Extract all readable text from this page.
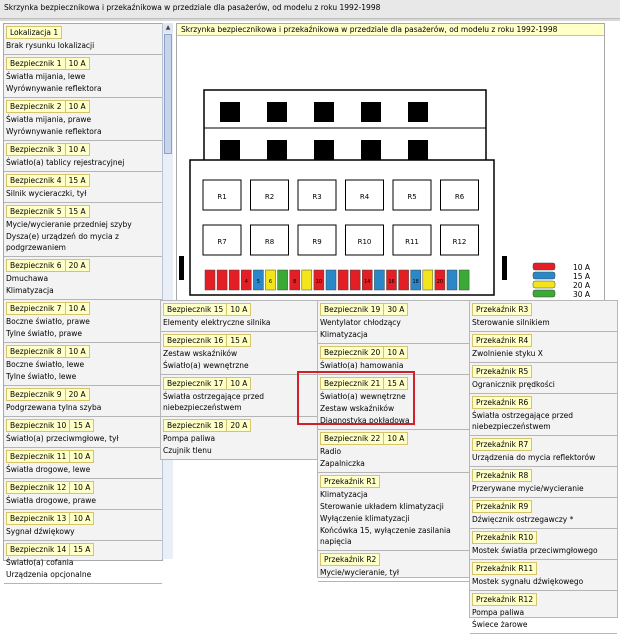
Skrzynka bezpiecznikowa i przekaźnikowa w przedziale dla pasażerów, od modelu z roku 1992-1998
Lokalizacja 1
Brak rysunku lokalizacji
Bezpiecznik 1 10 A
Światła mijania, lewe
Wyrównywanie reflektora
Bezpiecznik 2 10 A
Światła mijania, prawe
Wyrównywanie reflektora
Bezpiecznik 3 10 A
Światło(a) tablicy rejestracyjnej
Bezpiecznik 4 15 A
Silnik wycieraczki, tył
Bezpiecznik 5 15 A
Mycie/wycieranie przedniej szyby
Dysza(e) urządzeń do mycia z podgrzewaniem
Bezpiecznik 6 20 A
Dmuchawa
Klimatyzacja
Bezpiecznik 7 10 A
Boczne światło, prawe
Tylne światło, prawe
Bezpiecznik 8 10 A
Boczne światło, lewe
Tylne światło, lewe
Bezpiecznik 9 20 A
Podgrzewana tylna szyba
Bezpiecznik 10 15 A
Światło(a) przeciwmgłowe, tył
Bezpiecznik 11 10 A
Światła drogowe, lewe
Bezpiecznik 12 10 A
Światła drogowe, prawe
Bezpiecznik 13 10 A
Sygnał dźwiękowy
Bezpiecznik 14 15 A
Światło(a) cofania
Urządzenia opcjonalne
▲	Skrzynka bezpiecznikowa i przekaźnikowa w przedziale dla pasażerów, od modelu z roku 1992-1998
R1	R2	R3	R4	R5	R6
R7	R8	R9	R10	R11	R12
4 5 6	8	10	14	16	18	20
10 A
15 A
20 A
30 A
Bezpiecznik 15 10 A
Elementy elektryczne silnika
Bezpiecznik 16 15 A
Zestaw wskaźników
Światło(a) wewnętrzne
Bezpiecznik 17 10 A
Światła ostrzegające przed niebezpieczeństwem
Bezpiecznik 18 20 A
Pompa paliwa
Czujnik tlenu
Bezpiecznik 19 30 A
Wentylator chłodzący
Klimatyzacja
Bezpiecznik 20 10 A
Światło(a) hamowania
Bezpiecznik 21 15 A
Światło(a) wewnętrzne
Zestaw wskaźników
Diagnostyka pokładowa
Bezpiecznik 22 10 A
Radio
Zapalniczka
Przekaźnik R1
Klimatyzacja
Sterowanie układem klimatyzacji
Wyłączenie klimatyzacji
Końcówka 15, wyłączenie zasilania napięcia
Przekaźnik R2
Mycie/wycieranie, tył
Przekaźnik R3
Sterowanie silnikiem
Przekaźnik R4
Zwolnienie styku X
Przekaźnik R5
Ogranicznik prędkości
Przekaźnik R6
Światła ostrzegające przed niebezpieczeństwem
Przekaźnik R7
Urządzenia do mycia reflektorów
Przekaźnik R8
Przerywane mycie/wycieranie
Przekaźnik R9
Dźwięcznik ostrzegawczy *
Przekaźnik R10
Mostek światła przeciwmgłowego
Przekaźnik R11
Mostek sygnału dźwiękowego
Przekaźnik R12
Pompa paliwa
Świece żarowe
